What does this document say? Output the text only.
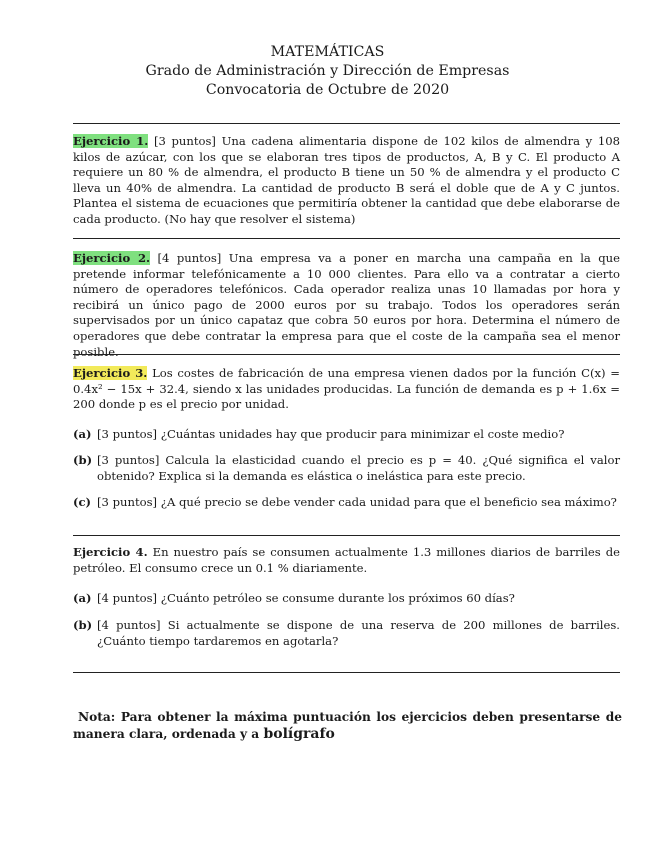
MATEMÁTICAS
Grado de Administración y Dirección de Empresas
Convocatoria de Octubre de 2020
Ejercicio 1. [3 puntos] Una cadena alimentaria dispone de 102 kilos de almendra y 108 kilos de azúcar, con los que se elaboran tres tipos de productos, A, B y C. El producto A requiere un 80 % de almendra, el producto B tiene un 50 % de almendra y el producto C lleva un 40% de almendra. La cantidad de producto B será el doble que de A y C juntos. Plantea el sistema de ecuaciones que permitiría obtener la cantidad que debe elaborarse de cada producto. (No hay que resolver el sistema)
Ejercicio 2. [4 puntos] Una empresa va a poner en marcha una campaña en la que pretende informar telefónicamente a 10 000 clientes. Para ello va a contratar a cierto número de operadores telefónicos. Cada operador realiza unas 10 llamadas por hora y recibirá un único pago de 2000 euros por su trabajo. Todos los operadores serán supervisados por un único capataz que cobra 50 euros por hora. Determina el número de operadores que debe contratar la empresa para que el coste de la campaña sea el menor posible.
Ejercicio 3. Los costes de fabricación de una empresa vienen dados por la función C(x) = 0.4x² − 15x + 32.4, siendo x las unidades producidas. La función de demanda es p + 1.6x = 200 donde p es el precio por unidad.
(a) [3 puntos] ¿Cuántas unidades hay que producir para minimizar el coste medio?
(b) [3 puntos] Calcula la elasticidad cuando el precio es p = 40. ¿Qué significa el valor obtenido? Explica si la demanda es elástica o inelástica para este precio.
(c) [3 puntos] ¿A qué precio se debe vender cada unidad para que el beneficio sea máximo?
Ejercicio 4. En nuestro país se consumen actualmente 1.3 millones diarios de barriles de petróleo. El consumo crece un 0.1 % diariamente.
(a) [4 puntos] ¿Cuánto petróleo se consume durante los próximos 60 días?
(b) [4 puntos] Si actualmente se dispone de una reserva de 200 millones de barriles. ¿Cuánto tiempo tardaremos en agotarla?
Nota: Para obtener la máxima puntuación los ejercicios deben presentarse de manera clara, ordenada y a bolígrafo
